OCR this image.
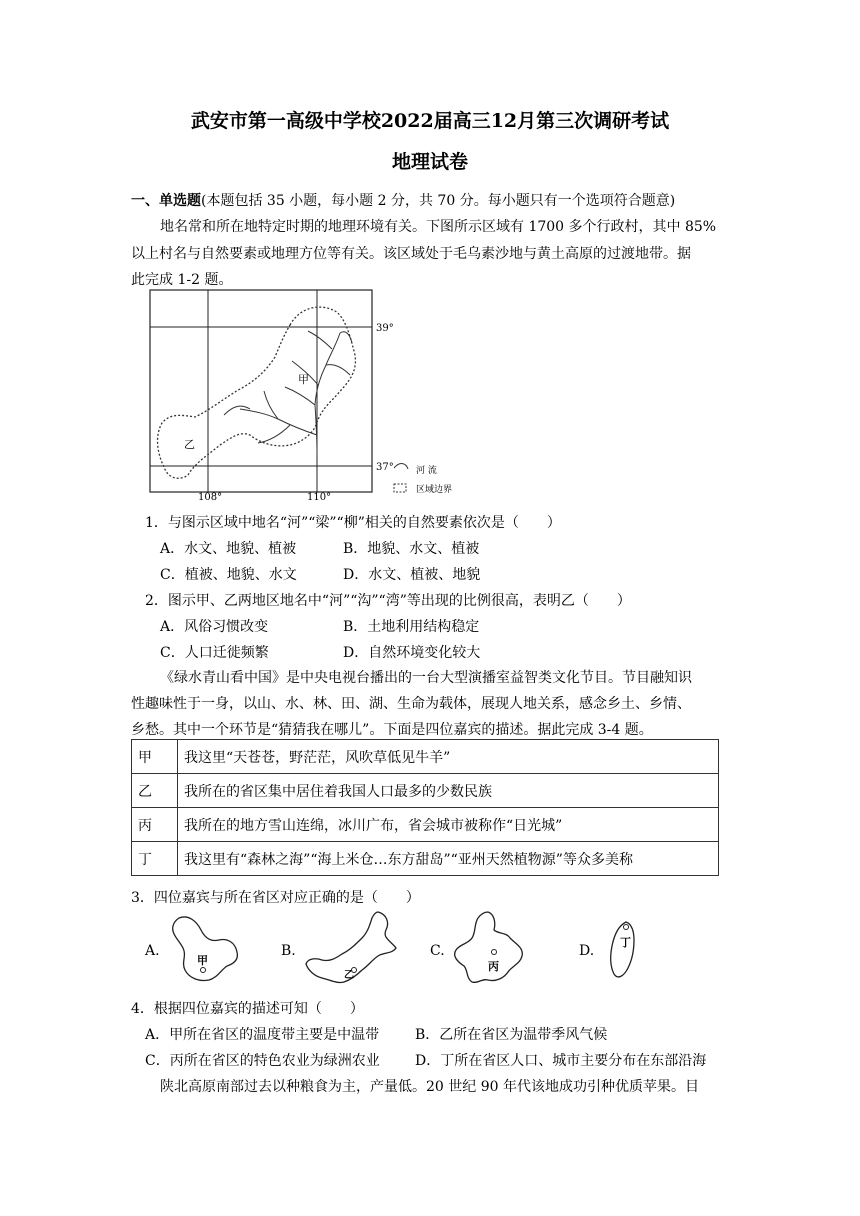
武安市第一高级中学校2022届高三12月第三次调研考试
地理试卷
一、单选题(本题包括 35 小题，每小题 2 分，共 70 分。每小题只有一个选项符合题意)
地名常和所在地特定时期的地理环境有关。下图所示区域有 1700 多个行政村，其中 85%
以上村名与自然要素或地理方位等有关。该区域处于毛乌素沙地与黄土高原的过渡地带。据
此完成 1-2 题。
39°
37°
108°	110°
甲
乙
河 流
区域边界
1．与图示区域中地名“河”“梁”“柳”相关的自然要素依次是（　　）
A．水文、地貌、植被	B．地貌、水文、植被
C．植被、地貌、水文	D．水文、植被、地貌
2．图示甲、乙两地区地名中“河”“沟”“湾”等出现的比例很高，表明乙（　　）
A．风俗习惯改变	B．土地利用结构稳定
C．人口迁徙频繁	D．自然环境变化较大
《绿水青山看中国》是中央电视台播出的一台大型演播室益智类文化节目。节目融知识
性趣味性于一身，以山、水、林、田、湖、生命为载体，展现人地关系，感念乡土、乡情、
乡愁。其中一个环节是“猜猜我在哪儿”。下面是四位嘉宾的描述。据此完成 3-4 题。
甲	我这里“天苍苍，野茫茫，风吹草低见牛羊”
乙	我所在的省区集中居住着我国人口最多的少数民族
丙	我所在的地方雪山连绵，冰川广布，省会城市被称作“日光城”
丁	我这里有“森林之海”“海上米仓…东方甜岛”“亚州天然植物源”等众多美称
3．四位嘉宾与所在省区对应正确的是（　　）
A.
甲
B.
乙
C.
丙
D.
丁
4．根据四位嘉宾的描述可知（　　）
A．甲所在省区的温度带主要是中温带	B．乙所在省区为温带季风气候
C．丙所在省区的特色农业为绿洲农业	D．丁所在省区人口、城市主要分布在东部沿海
陕北高原南部过去以种粮食为主，产量低。20 世纪 90 年代该地成功引种优质苹果。目
